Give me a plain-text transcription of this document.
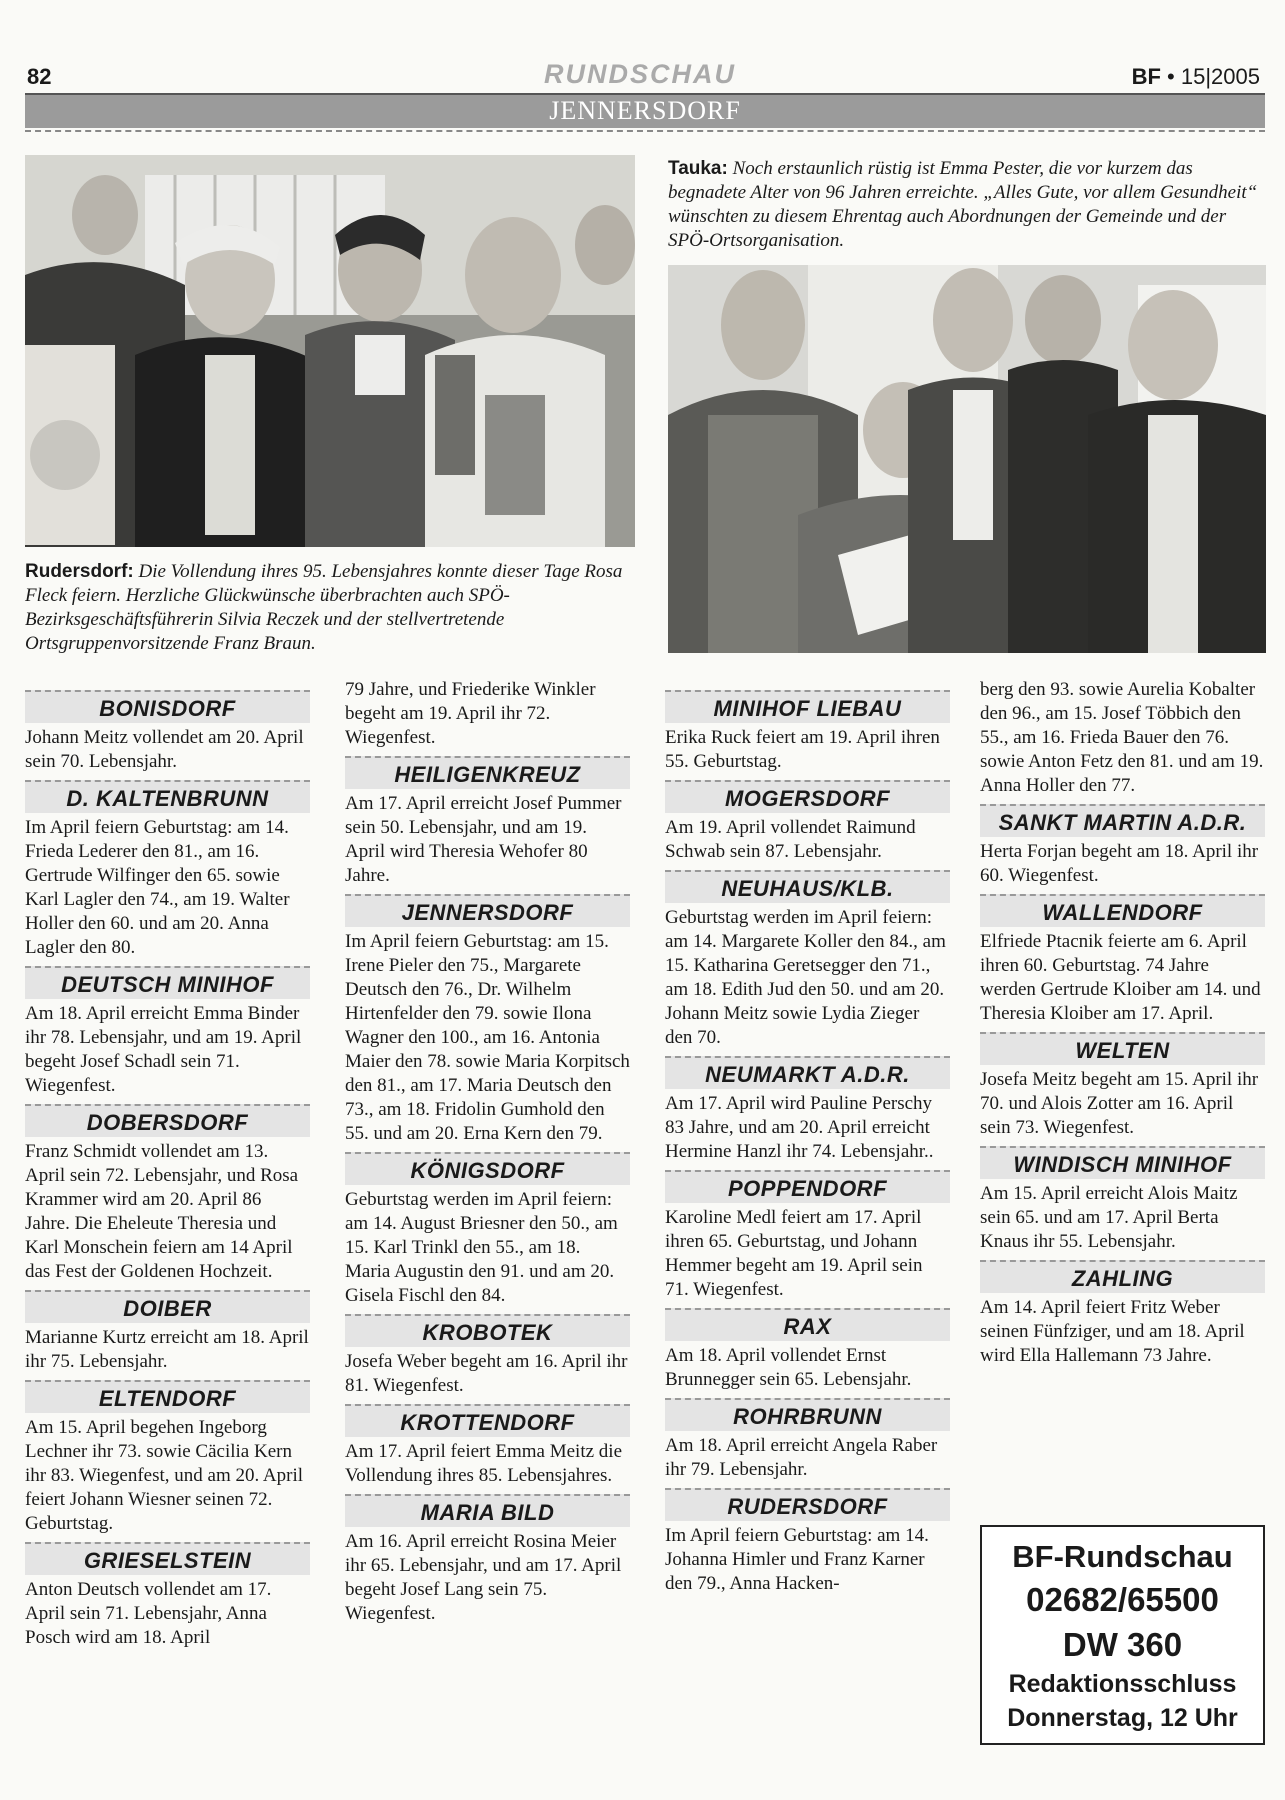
82	RUNDSCHAU	BF • 15|2005
JENNERSDORF
Rudersdorf: Die Vollendung ihres 95. Lebensjahres konnte dieser Tage Rosa Fleck feiern. Herzliche Glückwünsche überbrachten auch SPÖ-Bezirksgeschäftsführerin Silvia Reczek und der stellvertretende Ortsgruppenvorsitzende Franz Braun.
Tauka: Noch erstaunlich rüstig ist Emma Pester, die vor kurzem das begnadete Alter von 96 Jahren erreichte. „Alles Gute, vor allem Gesundheit“ wünschten zu diesem Ehrentag auch Abordnungen der Gemeinde und der SPÖ-Ortsorganisation.
BONISDORF

Johann Meitz vollendet am 20. April sein 70. Lebensjahr.

D. KALTENBRUNN

Im April feiern Geburtstag: am 14. Frieda Lederer den 81., am 16. Gertrude Wilfinger den 65. sowie Karl Lagler den 74., am 19. Walter Holler den 60. und am 20. Anna Lagler den 80.

DEUTSCH MINIHOF

Am 18. April erreicht Emma Binder ihr 78. Lebensjahr, und am 19. April begeht Josef Schadl sein 71. Wiegenfest.

DOBERSDORF

Franz Schmidt vollendet am 13. April sein 72. Lebensjahr, und Rosa Krammer wird am 20. April 86 Jahre. Die Eheleute Theresia und Karl Monschein feiern am 14 April das Fest der Goldenen Hochzeit.

DOIBER

Marianne Kurtz erreicht am 18. April ihr 75. Lebensjahr.

ELTENDORF

Am 15. April begehen Ingeborg Lechner ihr 73. sowie Cäcilia Kern ihr 83. Wiegenfest, und am 20. April feiert Johann Wiesner seinen 72. Geburtstag.

GRIESELSTEIN

Anton Deutsch vollendet am 17. April sein 71. Lebensjahr, Anna Posch wird am 18. April

79 Jahre, und Friederike Winkler begeht am 19. April ihr 72. Wiegenfest.

HEILIGENKREUZ

Am 17. April erreicht Josef Pummer sein 50. Lebensjahr, und am 19. April wird Theresia Wehofer 80 Jahre.

JENNERSDORF

Im April feiern Geburtstag: am 15. Irene Pieler den 75., Margarete Deutsch den 76., Dr. Wilhelm Hirtenfelder den 79. sowie Ilona Wagner den 100., am 16. Antonia Maier den 78. sowie Maria Korpitsch den 81., am 17. Maria Deutsch den 73., am 18. Fridolin Gumhold den 55. und am 20. Erna Kern den 79.

KÖNIGSDORF

Geburtstag werden im April feiern: am 14. August Briesner den 50., am 15. Karl Trinkl den 55., am 18. Maria Augustin den 91. und am 20. Gisela Fischl den 84.

KROBOTEK

Josefa Weber begeht am 16. April ihr 81. Wiegenfest.

KROTTENDORF

Am 17. April feiert Emma Meitz die Vollendung ihres 85. Lebensjahres.

MARIA BILD

Am 16. April erreicht Rosina Meier ihr 65. Lebensjahr, und am 17. April begeht Josef Lang sein 75. Wiegenfest.

MINIHOF LIEBAU

Erika Ruck feiert am 19. April ihren 55. Geburtstag.

MOGERSDORF

Am 19. April vollendet Raimund Schwab sein 87. Lebensjahr.

NEUHAUS/KLB.

Geburtstag werden im April feiern: am 14. Margarete Koller den 84., am 15. Katharina Geretsegger den 71., am 18. Edith Jud den 50. und am 20. Johann Meitz sowie Lydia Zieger den 70.

NEUMARKT A.D.R.

Am 17. April wird Pauline Perschy 83 Jahre, und am 20. April erreicht Hermine Hanzl ihr 74. Lebensjahr..

POPPENDORF

Karoline Medl feiert am 17. April ihren 65. Geburtstag, und Johann Hemmer begeht am 19. April sein 71. Wiegenfest.

RAX

Am 18. April vollendet Ernst Brunnegger sein 65. Lebensjahr.

ROHRBRUNN

Am 18. April erreicht Angela Raber ihr 79. Lebensjahr.

RUDERSDORF

Im April feiern Geburtstag: am 14. Johanna Himler und Franz Karner den 79., Anna Hacken-

berg den 93. sowie Aurelia Kobalter den 96., am 15. Josef Többich den 55., am 16. Frieda Bauer den 76. sowie Anton Fetz den 81. und am 19. Anna Holler den 77.

SANKT MARTIN A.D.R.

Herta Forjan begeht am 18. April ihr 60. Wiegenfest.

WALLENDORF

Elfriede Ptacnik feierte am 6. April ihren 60. Geburtstag. 74 Jahre werden Gertrude Kloiber am 14. und Theresia Kloiber am 17. April.

WELTEN

Josefa Meitz begeht am 15. April ihr 70. und Alois Zotter am 16. April sein 73. Wiegenfest.

WINDISCH MINIHOF

Am 15. April erreicht Alois Maitz sein 65. und am 17. April Berta Knaus ihr 55. Lebensjahr.

ZAHLING

Am 14. April feiert Fritz Weber seinen Fünfziger, und am 18. April wird Ella Hallemann 73 Jahre.

BF-Rundschau
02682/65500
DW 360
Redaktionsschluss
Donnerstag, 12 Uhr
